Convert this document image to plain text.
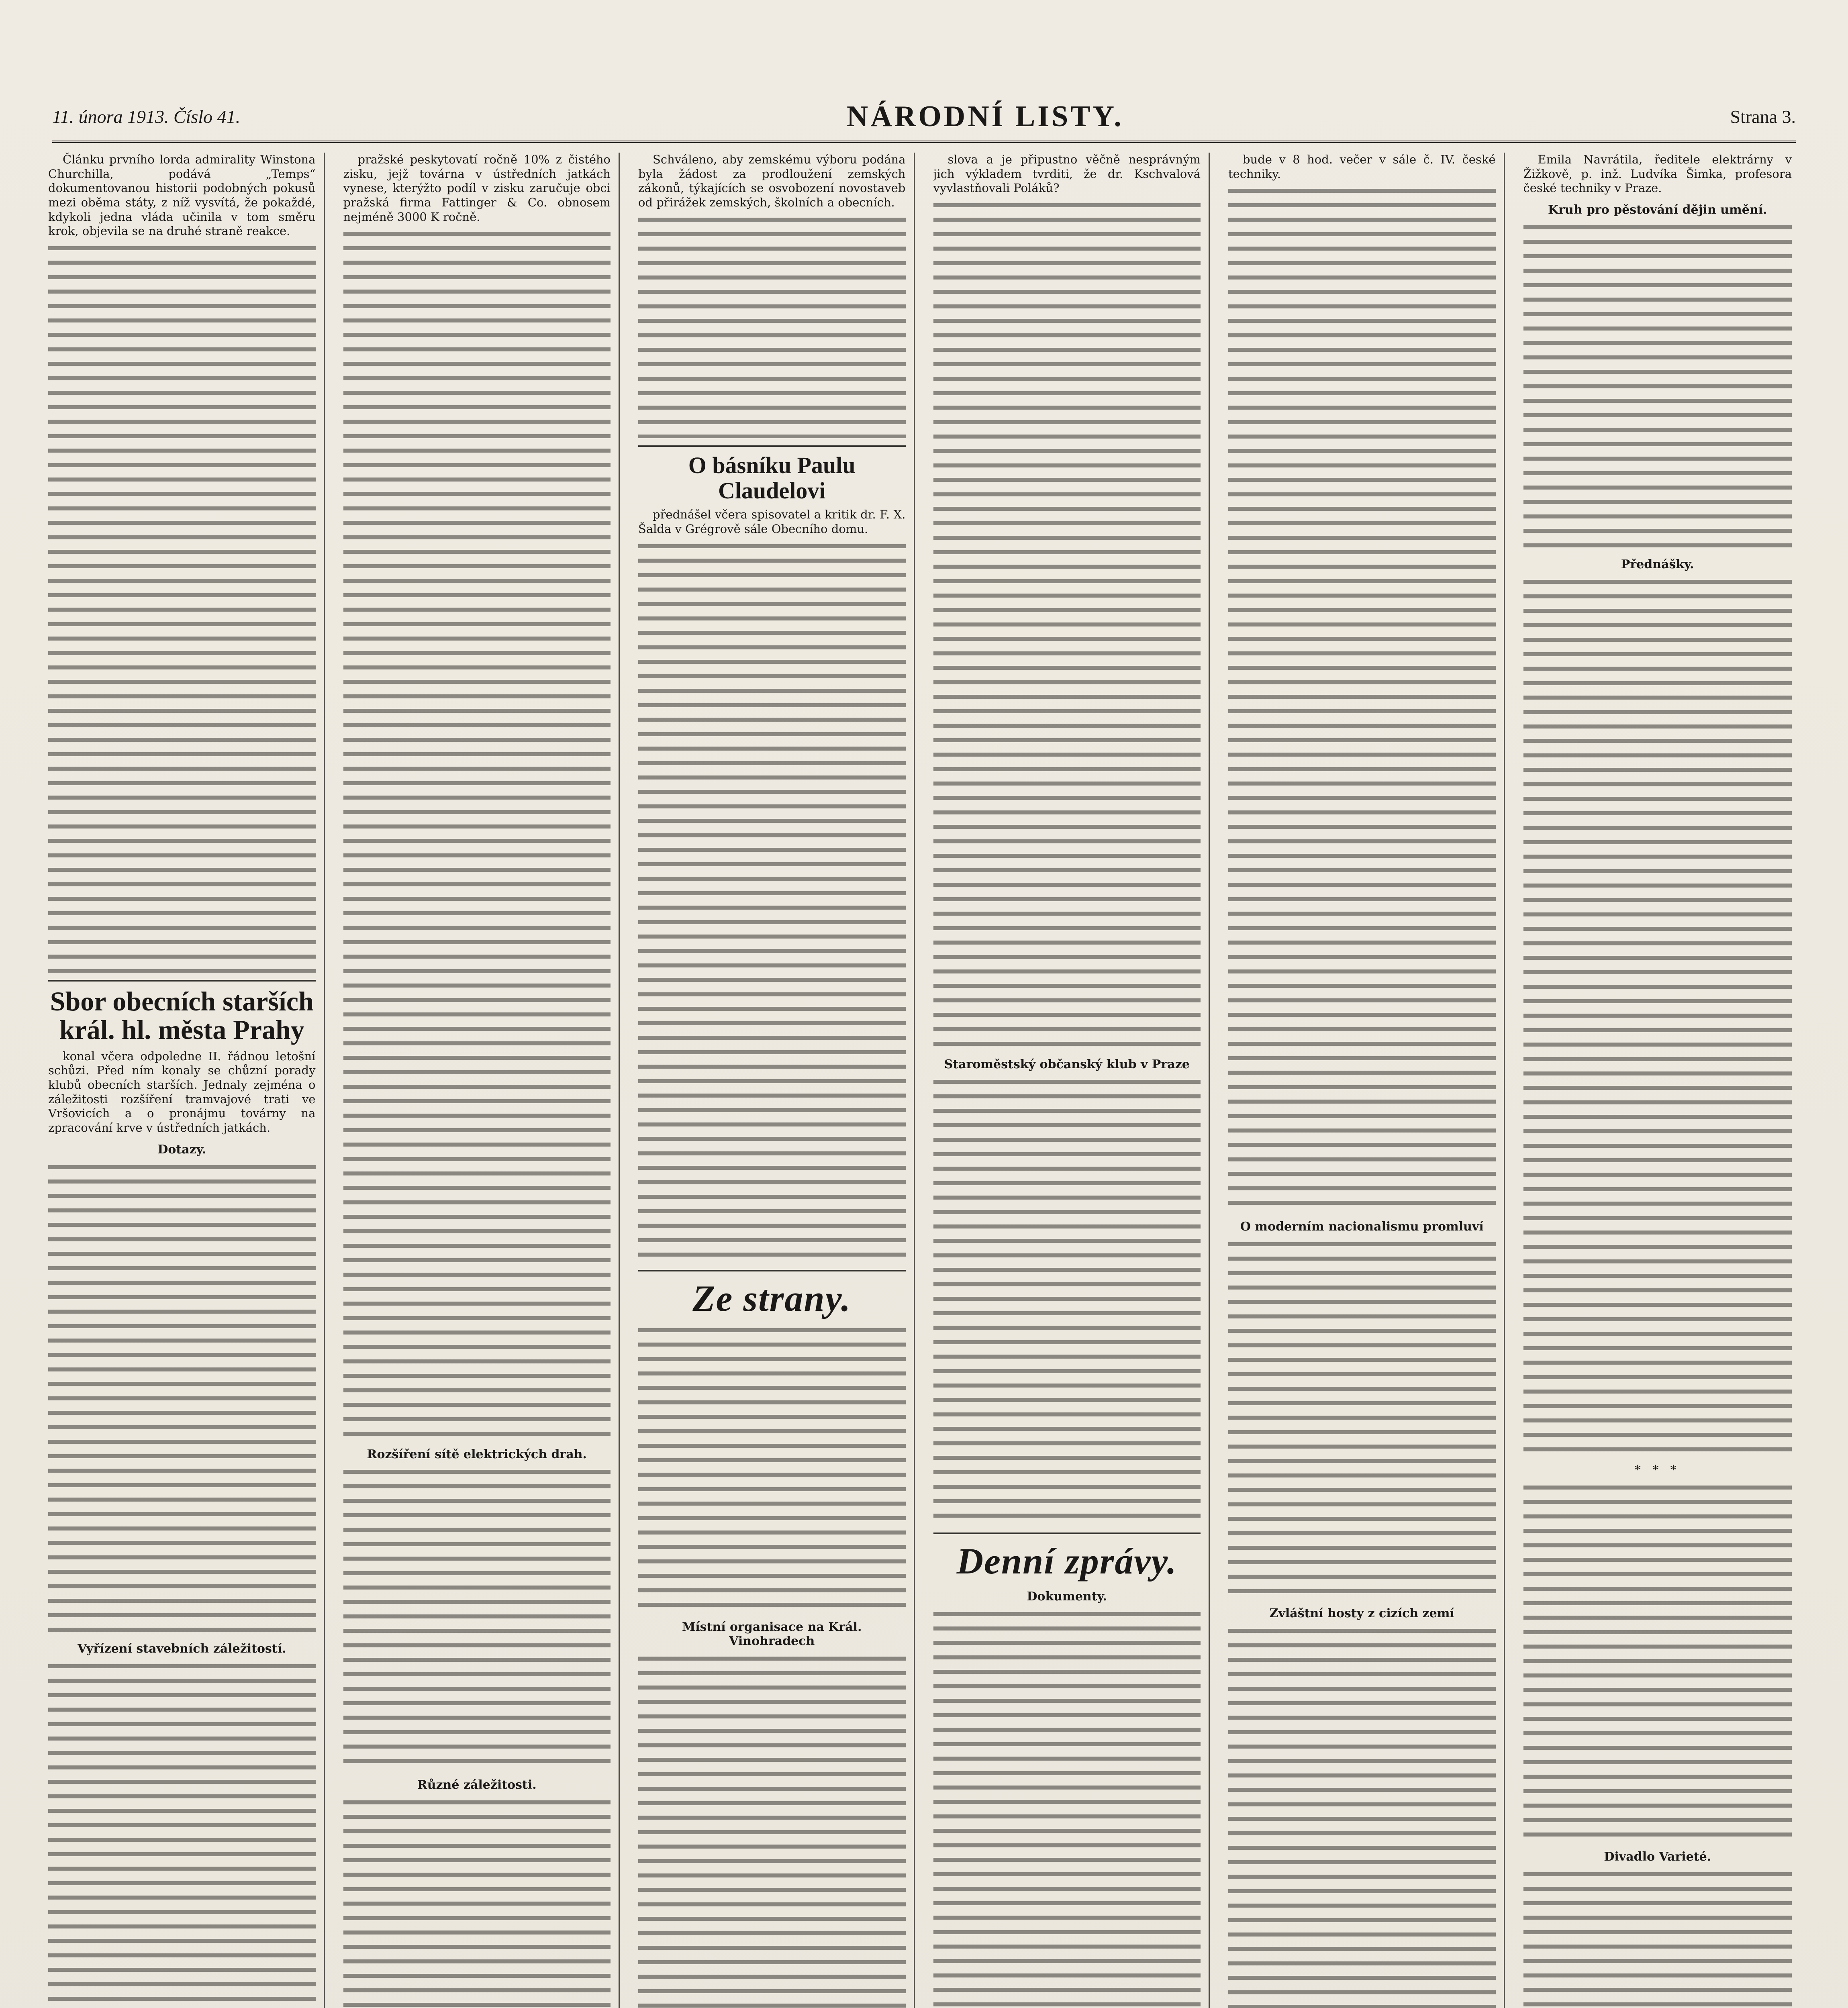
11. února 1913. Číslo 41.	NÁRODNÍ LISTY.	Strana 3.

Článku prvního lorda admirality Winstona Churchilla, podává „Temps“ dokumentovanou historii podobných pokusů mezi oběma státy, z níž vysvítá, že pokaždé, kdykoli jedna vláda učinila v tom směru krok, objevila se na druhé straně reakce.

Sbor obecních starších král. hl. města Prahy

konal včera odpoledne II. řádnou letošní schůzi. Před ním konaly se chůzní porady klubů obecních starších. Jednaly zejména o záležitosti rozšíření tramvajové trati ve Vršovicích a o pronájmu továrny na zpracování krve v ústředních jatkách.

Dotazy.
Vyřízení stavebních záležitostí.

pražské peskytovatí ročně 10% z čistého zisku, jejž továrna v ústředních jatkách vynese, kterýžto podíl v zisku zaručuje obci pražská firma Fattinger & Co. obnosem nejméně 3000 K ročně.

Rozšíření sítě elektrických drah.
Různé záležitosti.

Schváleno, aby zemskému výboru podána byla žádost za prodloužení zemských zákonů, týkajících se osvobození novostaveb od přirážek zemských, školních a obecních.

O básníku Paulu Claudelovi

přednášel včera spisovatel a kritik dr. F. X. Šalda v Grégrově sále Obecního domu.

Ze strany.
Místní organisace na Král. Vinohradech

slova a je připustno věčně nesprávným jich výkladem tvrditi, že dr. Kschvalová vyvlastňovali Poláků?

Staroměstský občanský klub v Praze
Denní zprávy.
Dokumenty.

bude v 8 hod. večer v sále č. IV. české techniky.

O moderním nacionalismu promluví
Zvláštní hosty z cizích zemí

Emila Navrátila, ředitele elektrárny v Žižkově, p. inž. Ludvíka Šimka, profesora české techniky v Praze.

Kruh pro pěstování dějin umění.
Přednášky.
* * *
Divadlo Varieté.
